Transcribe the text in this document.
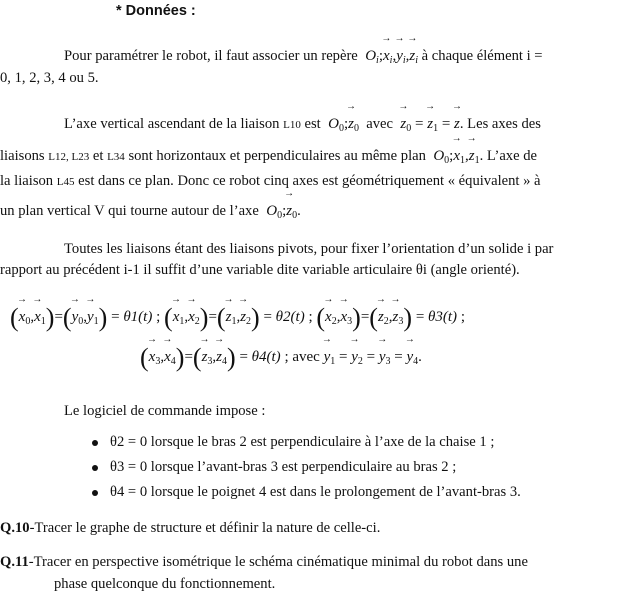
* Données :
Pour paramétrer le robot, il faut associer un repère $O_i;\to x_i,\to y_i,\to z_i$ à chaque élément i =
0, 1, 2, 3, 4 ou 5.
L’axe vertical ascendant de la liaison L10 est $O_0;\to z_0$ avec → $z_0$ = → $z_1$ = → z. Les axes des
liaisons L12, L23 et L34 sont horizontaux et perpendiculaires au même plan $O_0;\to x_1,\to z_1$. L’axe de
la liaison L45 est dans ce plan. Donc ce robot cinq axes est géométriquement « équivalent » à
un plan vertical V qui tourne autour de l’axe $O_0;\to z_0$.
Toutes les liaisons étant des liaisons pivots, pour fixer l’orientation d’un solide i par
rapport au précédent i-1 il suffit d’une variable dite variable articulaire θi (angle orienté).
(→ $x_0,\to x_1)=(\to y_0,\to y_1) = \theta 1(t)$ ; (→ $x_1,\to x_2)=(\to z_1,\to z_2) = \theta 2(t)$ ; (→ $x_2,\to x_3)=(\to z_2,\to z_3) = \theta 3(t)$ ;
(→ $x_3,\to x_4)=(\to z_3,\to z_4) = \theta 4(t)$ ; avec → $y_1$ = → $y_2$ = → $y_3$ = → $y_4$.
Le logiciel de commande impose :
θ2 = 0 lorsque le bras 2 est perpendiculaire à l’axe de la chaise 1 ;
θ3 = 0 lorsque l’avant-bras 3 est perpendiculaire au bras 2 ;
θ4 = 0 lorsque le poignet 4 est dans le prolongement de l’avant-bras 3.
Q.10-Tracer le graphe de structure et définir la nature de celle-ci.
Q.11-Tracer en perspective isométrique le schéma cinématique minimal du robot dans une
phase quelconque du fonctionnement.
